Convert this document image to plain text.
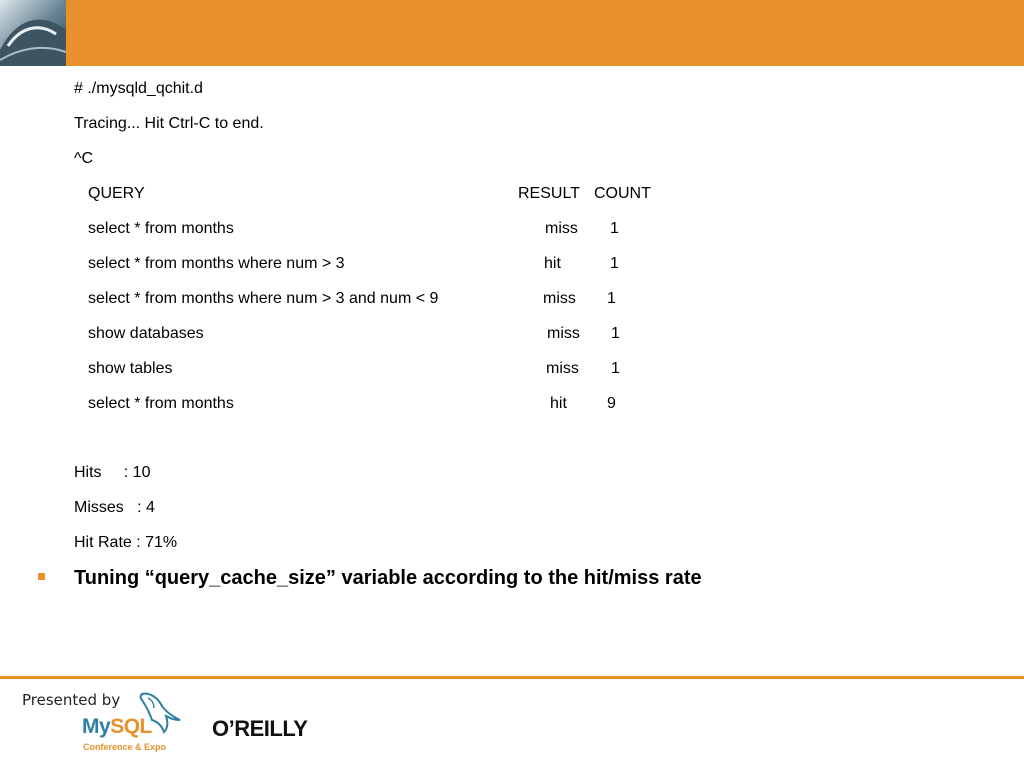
# ./mysqld_qchit.d
Tracing... Hit Ctrl-C to end.
^C
QUERY	RESULT COUNT
select * from months	miss 1
select * from months where num > 3	hit	1
select * from months where num > 3 and num < 9	miss 1
show databases	miss 1
show tables	miss 1
select * from months	hit	9
Hits     : 10
Misses   : 4
Hit Rate : 71%
Tuning “query_cache_size” variable according to the hit/miss rate
Presented by
MySQL
Conference & Expo
O’REILLY
